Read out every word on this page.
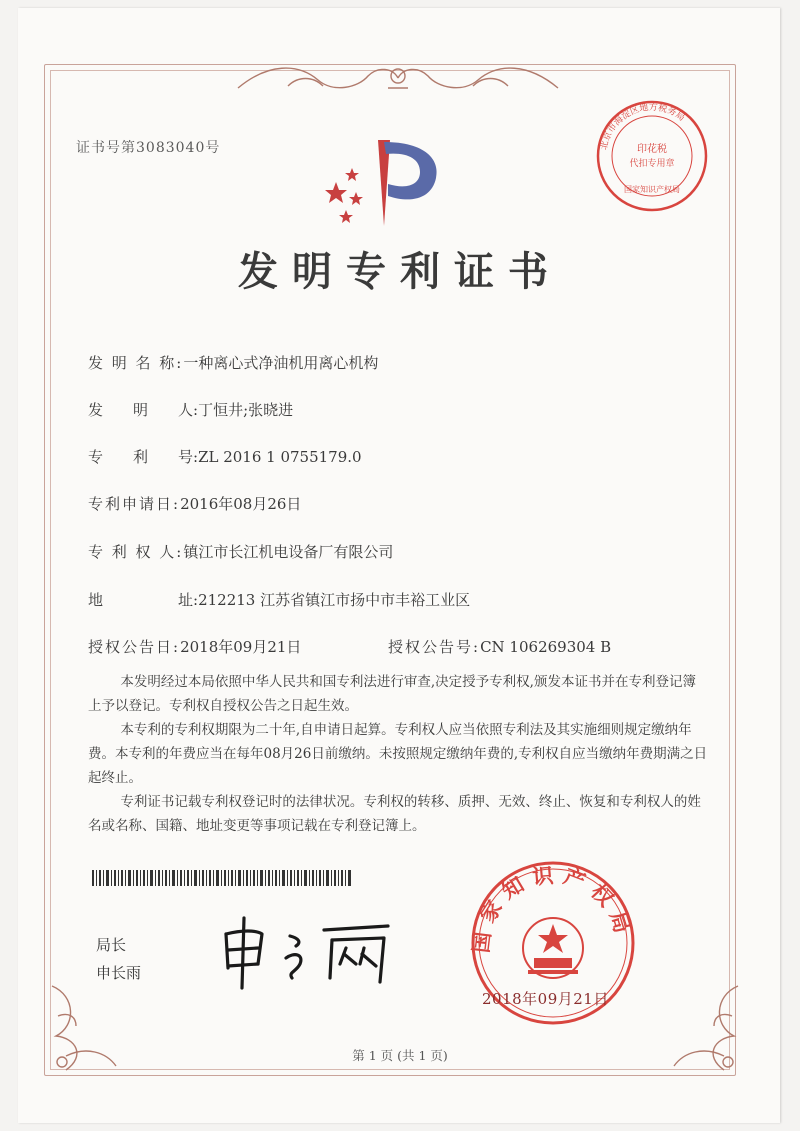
证书号第3083040号	北京市海淀区地方税务局
印花税
代扣专用章
国家知识产权局
发明专利证书
发 明 名 称:一种离心式净油机用离心机构
发　　明　　人:丁恒井;张晓进
专　　利　　号:ZL 2016 1 0755179.0
专利申请日:2016年08月26日
专 利 权 人:镇江市长江机电设备厂有限公司
地　　　　　址:212213 江苏省镇江市扬中市丰裕工业区
授权公告日:2018年09月21日	授权公告号:CN 106269304 B

本发明经过本局依照中华人民共和国专利法进行审查,决定授予专利权,颁发本证书并在专利登记簿上予以登记。专利权自授权公告之日起生效。

本专利的专利权期限为二十年,自申请日起算。专利权人应当依照专利法及其实施细则规定缴纳年费。本专利的年费应当在每年08月26日前缴纳。未按照规定缴纳年费的,专利权自应当缴纳年费期满之日起终止。

专利证书记载专利权登记时的法律状况。专利权的转移、质押、无效、终止、恢复和专利权人的姓名或名称、国籍、地址变更等事项记载在专利登记簿上。

局长
申长雨
国家知识产权局
2018年09月21日
第 1 页 (共 1 页)
